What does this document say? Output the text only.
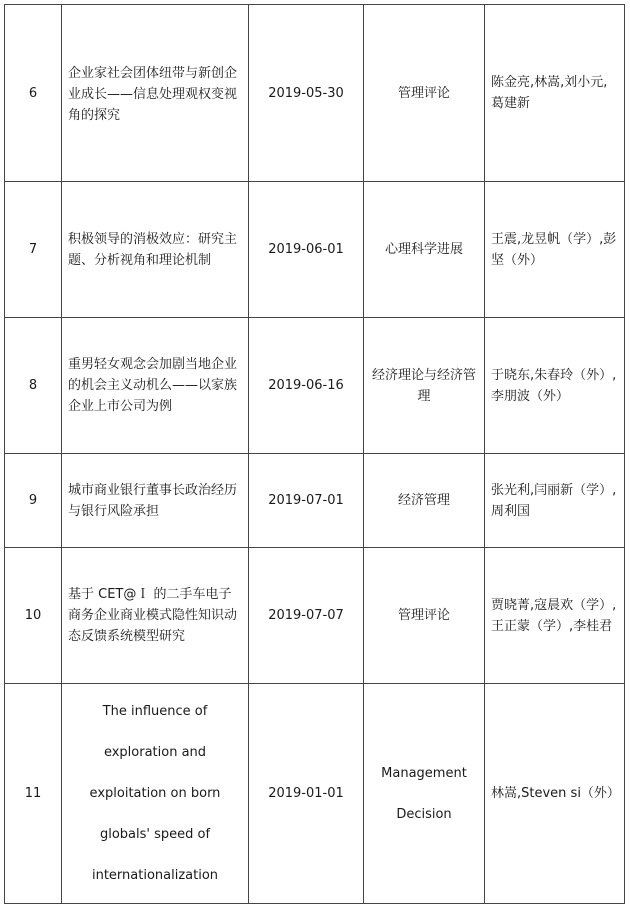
6	企业家社会团体纽带与新创企业成长——信息处理观权变视角的探究	2019-05-30	管理评论	陈金亮,林嵩,刘小元,葛建新
7	积极领导的消极效应：研究主题、分析视角和理论机制	2019-06-01	心理科学进展	王震,龙昱帆（学）,彭坚（外）
8	重男轻女观念会加剧当地企业的机会主义动机么——以家族企业上市公司为例	2019-06-16	经济理论与经济管理	于晓东,朱春玲（外）,李朋波（外）
9	城市商业银行董事长政治经历与银行风险承担	2019-07-01	经济管理	张光利,闫丽新（学）,周利国
10	基于 CET@Ｉ 的二手车电子商务企业商业模式隐性知识动态反馈系统模型研究	2019-07-07	管理评论	贾晓菁,寇晨欢（学）,王正蒙（学）,李桂君
11	The influence of exploration and exploitation on born globals' speed of internationalization	2019-01-01	Management Decision	林嵩,Steven si（外）
